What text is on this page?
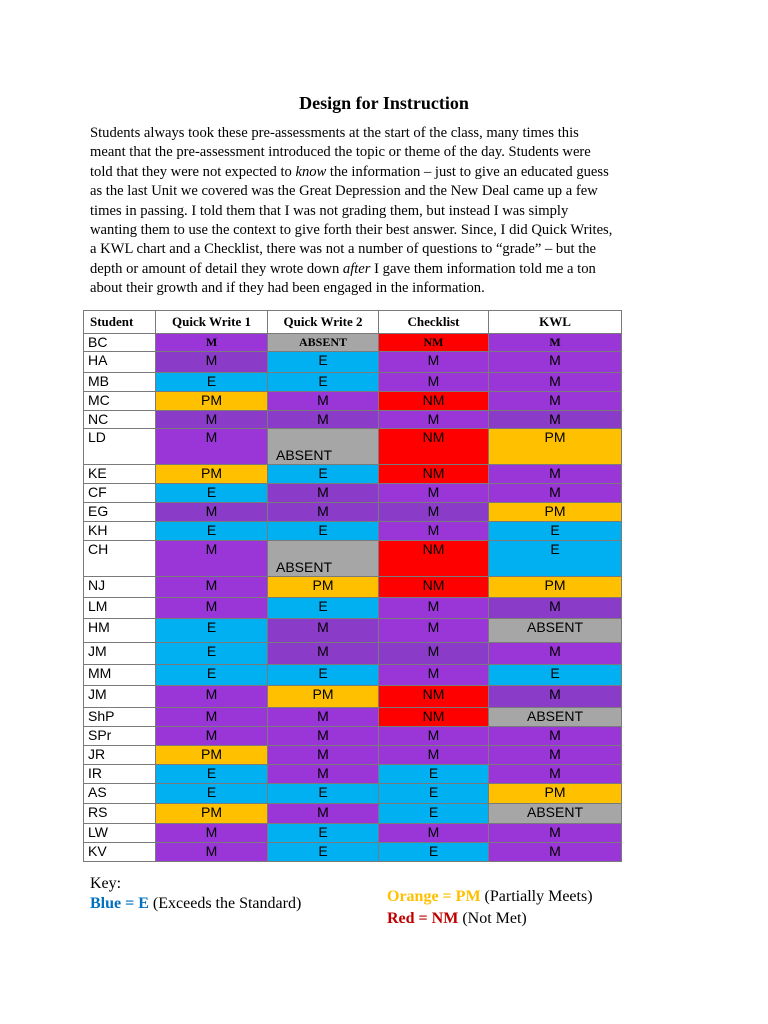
Design for Instruction
Students always took these pre-assessments at the start of the class, many times this
meant that the pre-assessment introduced the topic or theme of the day. Students were
told that they were not expected to know the information – just to give an educated guess
as the last Unit we covered was the Great Depression and the New Deal came up a few
times in passing. I told them that I was not grading them, but instead I was simply
wanting them to use the context to give forth their best answer. Since, I did Quick Writes,
a KWL chart and a Checklist, there was not a number of questions to “grade” – but the
depth or amount of detail they wrote down after I gave them information told me a ton
about their growth and if they had been engaged in the information.
Student	Quick Write 1	Quick Write 2	Checklist	KWL
BC	M	ABSENT	NM	M
HA	M	E	M	M
MB	E	E	M	M
MC	PM	M	NM	M
NC	M	M	M	M
LD	M	ABSENT	NM	PM
KE	PM	E	NM	M
CF	E	M	M	M
EG	M	M	M	PM
KH	E	E	M	E
CH	M	ABSENT	NM	E
NJ	M	PM	NM	PM
LM	M	E	M	M
HM	E	M	M	ABSENT
JM	E	M	M	M
MM	E	E	M	E
JM	M	PM	NM	M
ShP	M	M	NM	ABSENT
SPr	M	M	M	M
JR	PM	M	M	M
IR	E	M	E	M
AS	E	E	E	PM
RS	PM	M	E	ABSENT
LW	M	E	M	M
KV	M	E	E	M
Key:
Blue = E (Exceeds the Standard)	Orange = PM (Partially Meets)
Red = NM (Not Met)
